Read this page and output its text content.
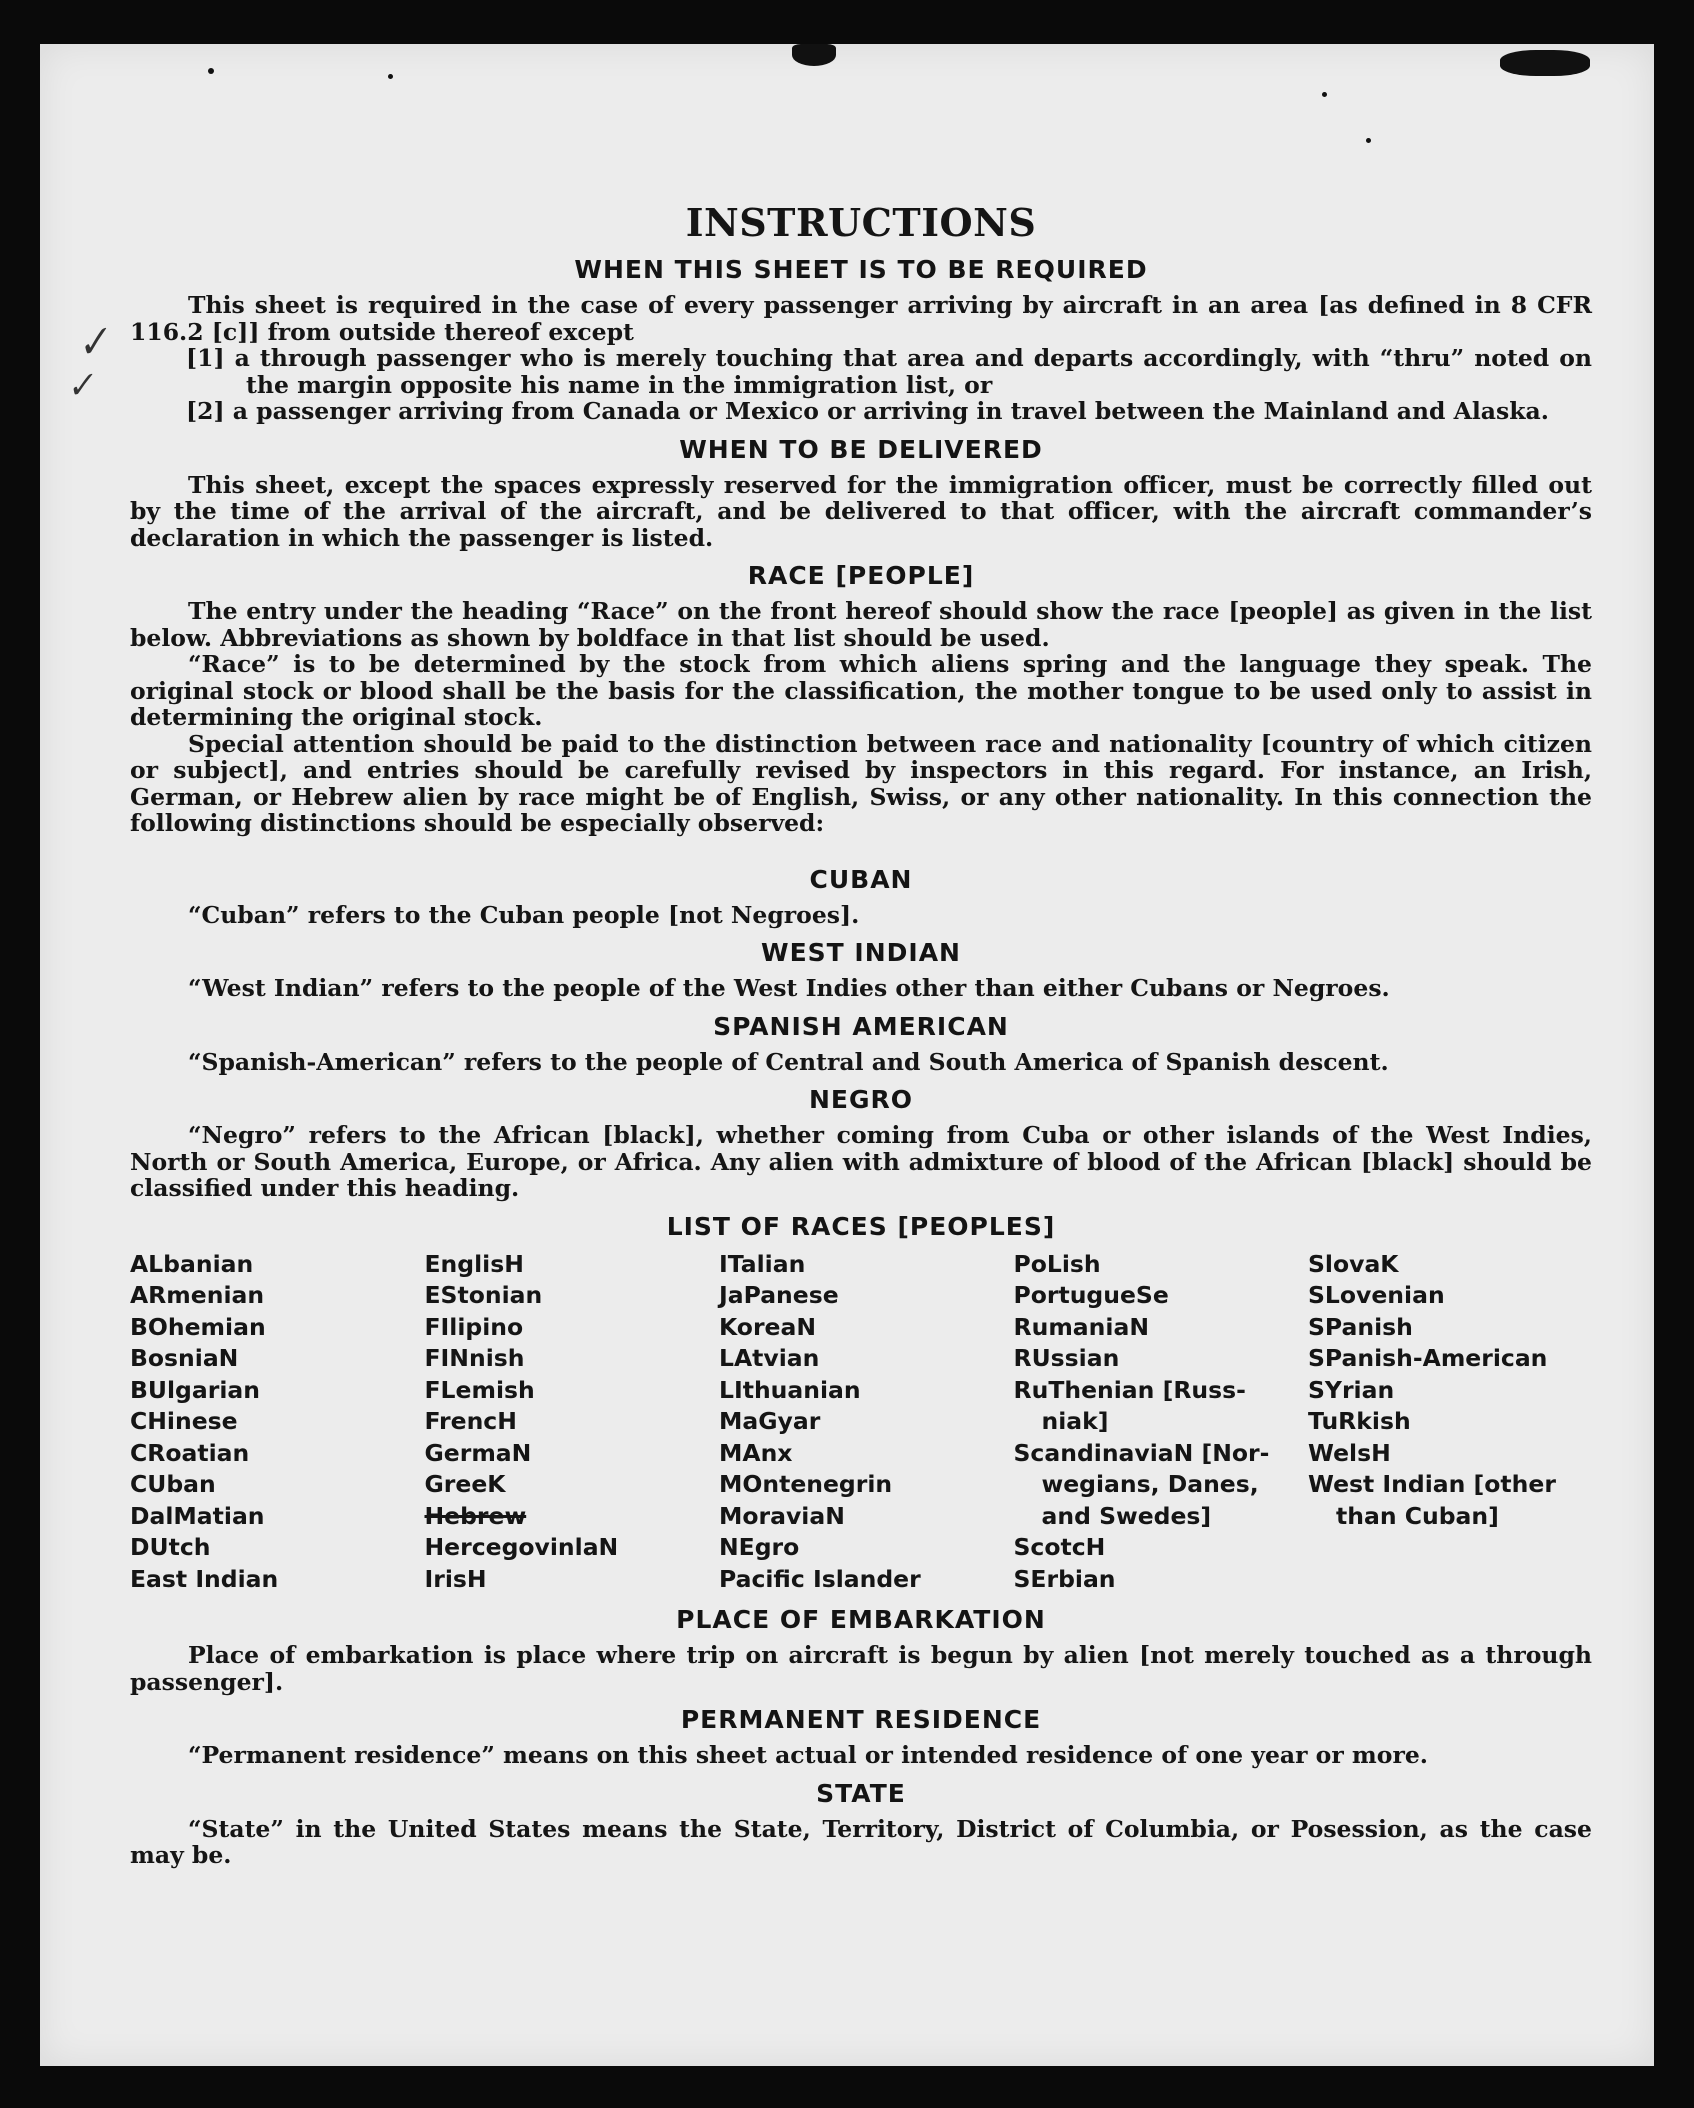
✓
✓
INSTRUCTIONS
WHEN THIS SHEET IS TO BE REQUIRED

This sheet is required in the case of every passenger arriving by aircraft in an area [as defined in 8 CFR 116.2 [c]] from outside thereof except

[1] a through passenger who is merely touching that area and departs accordingly, with “thru” noted on the margin opposite his name in the immigration list, or

[2] a passenger arriving from Canada or Mexico or arriving in travel between the Mainland and Alaska.

WHEN TO BE DELIVERED

This sheet, except the spaces expressly reserved for the immigration officer, must be correctly filled out by the time of the arrival of the aircraft, and be delivered to that officer, with the aircraft commander’s declaration in which the passenger is listed.

RACE [PEOPLE]

The entry under the heading “Race” on the front hereof should show the race [people] as given in the list below. Abbreviations as shown by boldface in that list should be used.

“Race” is to be determined by the stock from which aliens spring and the language they speak. The original stock or blood shall be the basis for the classification, the mother tongue to be used only to assist in determining the original stock.

Special attention should be paid to the distinction between race and nationality [country of which citizen or subject], and entries should be carefully revised by inspectors in this regard. For instance, an Irish, German, or Hebrew alien by race might be of English, Swiss, or any other nationality. In this connection the following distinctions should be especially observed:

CUBAN

“Cuban” refers to the Cuban people [not Negroes].

WEST INDIAN

“West Indian” refers to the people of the West Indies other than either Cubans or Negroes.

SPANISH AMERICAN

“Spanish-American” refers to the people of Central and South America of Spanish descent.

NEGRO

“Negro” refers to the African [black], whether coming from Cuba or other islands of the West Indies, North or South America, Europe, or Africa. Any alien with admixture of blood of the African [black] should be classified under this heading.

LIST OF RACES [PEOPLES]
ALbanian
ARmenian
BOhemian
BosniaN
BUlgarian
CHinese
CRoatian
CUban
DalMatian
DUtch
East Indian
EnglisH
EStonian
FIlipino
FINnish
FLemish
FrencH
GermaN
GreeK
Hebrew
HercegovinlaN
IrisH
ITalian
JaPanese
KoreaN
LAtvian
LIthuanian
MaGyar
MAnx
MOntenegrin
MoraviaN
NEgro
Pacific Islander
PoLish
PortugueSe
RumaniaN
RUssian
RuThenian [Russ-
niak]
ScandinaviaN [Nor-
wegians, Danes,
and Swedes]
ScotcH
SErbian
SlovaK
SLovenian
SPanish
SPanish-American
SYrian
TuRkish
WelsH
West Indian [other
than Cuban]
PLACE OF EMBARKATION

Place of embarkation is place where trip on aircraft is begun by alien [not merely touched as a through passenger].

PERMANENT RESIDENCE

“Permanent residence” means on this sheet actual or intended residence of one year or more.

STATE

“State” in the United States means the State, Territory, District of Columbia, or Posession, as the case may be.
